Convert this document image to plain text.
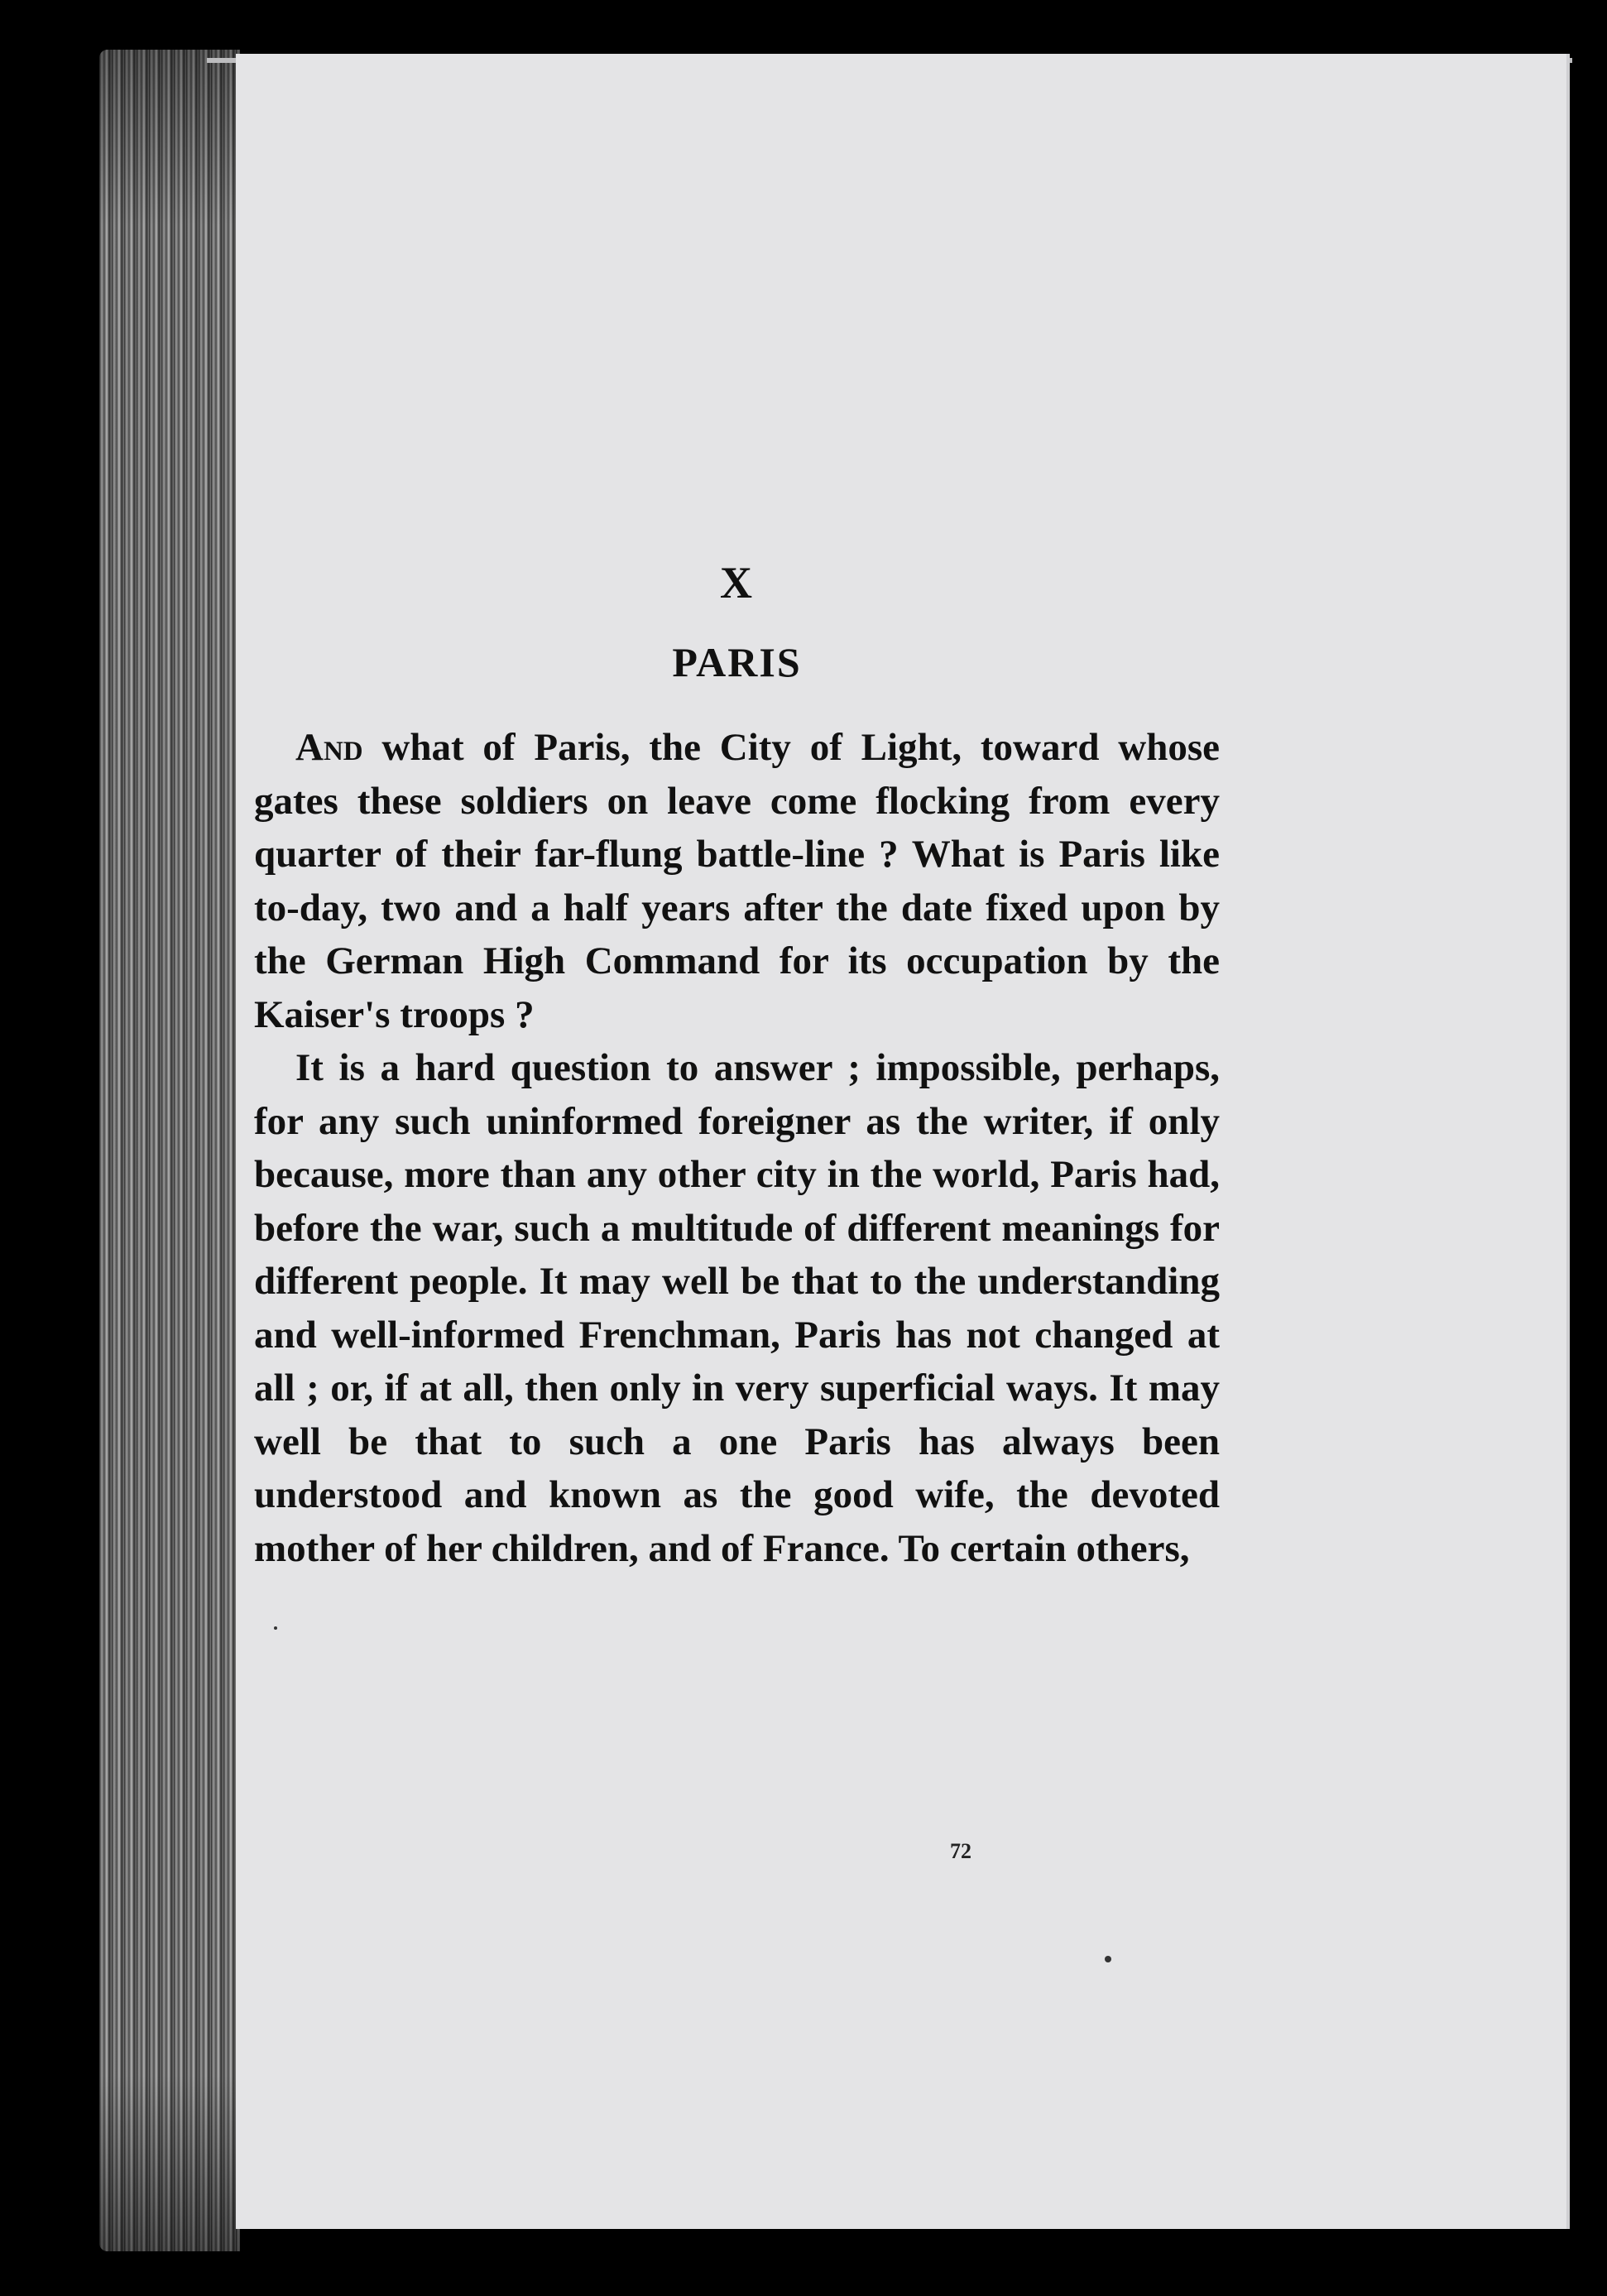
X
PARIS

And what of Paris, the City of Light, toward whose gates these soldiers on leave come flocking from every quarter of their far-flung battle-line ? What is Paris like to-day, two and a half years after the date fixed upon by the German High Command for its occupation by the Kaiser's troops ?

It is a hard question to answer ; impossible, perhaps, for any such uninformed foreigner as the writer, if only because, more than any other city in the world, Paris had, before the war, such a multitude of different meanings for different people. It may well be that to the understanding and well-informed Frenchman, Paris has not changed at all ; or, if at all, then only in very superficial ways. It may well be that to such a one Paris has always been understood and known as the good wife, the devoted mother of her children, and of France. To certain others,

72
